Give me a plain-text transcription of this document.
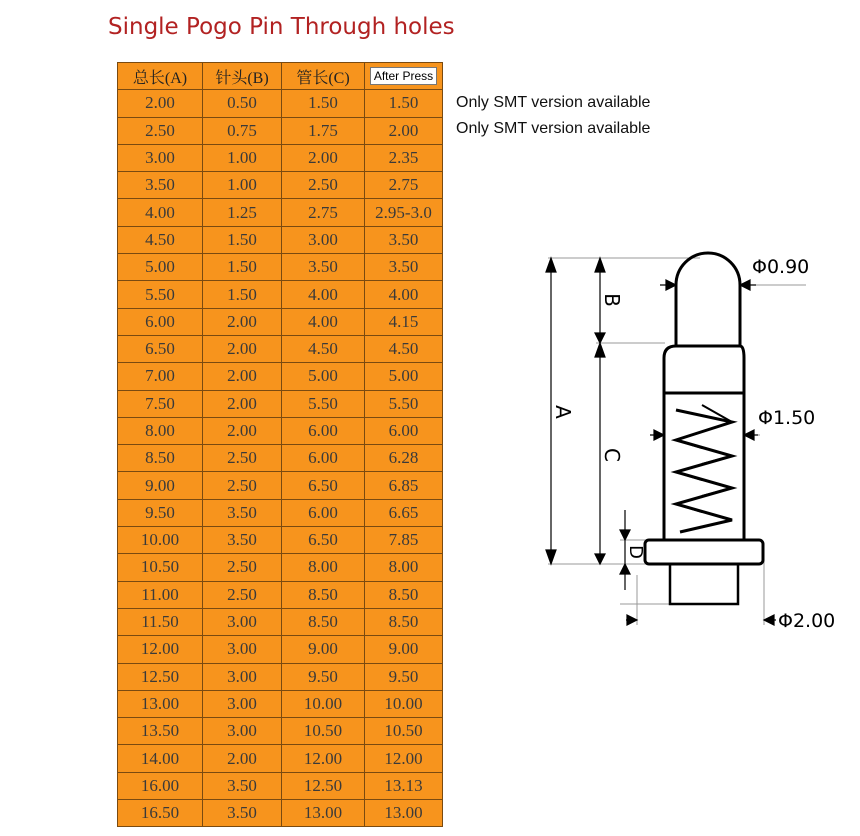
Single Pogo Pin Through holes
总长(A)	针头(B)	管长(C)	After Press
2.00	0.50	1.50	1.50
2.50	0.75	1.75	2.00
3.00	1.00	2.00	2.35
3.50	1.00	2.50	2.75
4.00	1.25	2.75	2.95-3.0
4.50	1.50	3.00	3.50
5.00	1.50	3.50	3.50
5.50	1.50	4.00	4.00
6.00	2.00	4.00	4.15
6.50	2.00	4.50	4.50
7.00	2.00	5.00	5.00
7.50	2.00	5.50	5.50
8.00	2.00	6.00	6.00
8.50	2.50	6.00	6.28
9.00	2.50	6.50	6.85
9.50	3.50	6.00	6.65
10.00	3.50	6.50	7.85
10.50	2.50	8.00	8.00
11.00	2.50	8.50	8.50
11.50	3.00	8.50	8.50
12.00	3.00	9.00	9.00
12.50	3.00	9.50	9.50
13.00	3.00	10.00	10.00
13.50	3.00	10.50	10.50
14.00	2.00	12.00	12.00
16.00	3.50	12.50	13.13
16.50	3.50	13.00	13.00
Only SMT version available
Only SMT version available
A
B
C
D
Φ0.90
Φ1.50
Φ2.00
